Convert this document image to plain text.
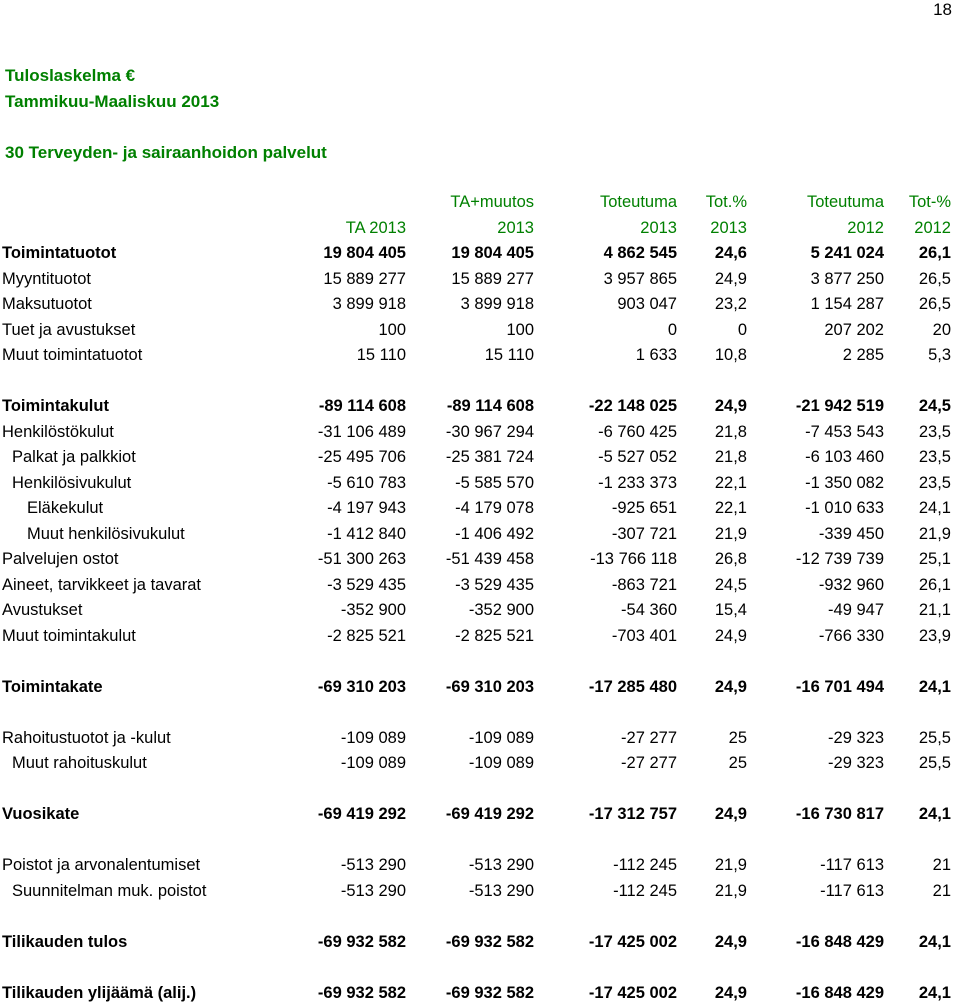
18
Tuloslaskelma €
Tammikuu-Maaliskuu 2013
30 Terveyden- ja sairaanhoidon palvelut
		TA+muutos	Toteutuma	Tot.%	Toteutuma	Tot-%
	TA 2013	2013	2013	2013	2012	2012
Toimintatuotot	19 804 405	19 804 405	4 862 545	24,6	5 241 024	26,1
Myyntituotot	15 889 277	15 889 277	3 957 865	24,9	3 877 250	26,5
Maksutuotot	3 899 918	3 899 918	903 047	23,2	1 154 287	26,5
Tuet ja avustukset	100	100	0	0	207 202	20
Muut toimintatuotot	15 110	15 110	1 633	10,8	2 285	5,3

Toimintakulut	-89 114 608	-89 114 608	-22 148 025	24,9	-21 942 519	24,5
Henkilöstökulut	-31 106 489	-30 967 294	-6 760 425	21,8	-7 453 543	23,5
Palkat ja palkkiot	-25 495 706	-25 381 724	-5 527 052	21,8	-6 103 460	23,5
Henkilösivukulut	-5 610 783	-5 585 570	-1 233 373	22,1	-1 350 082	23,5
Eläkekulut	-4 197 943	-4 179 078	-925 651	22,1	-1 010 633	24,1
Muut henkilösivukulut	-1 412 840	-1 406 492	-307 721	21,9	-339 450	21,9
Palvelujen ostot	-51 300 263	-51 439 458	-13 766 118	26,8	-12 739 739	25,1
Aineet, tarvikkeet ja tavarat	-3 529 435	-3 529 435	-863 721	24,5	-932 960	26,1
Avustukset	-352 900	-352 900	-54 360	15,4	-49 947	21,1
Muut toimintakulut	-2 825 521	-2 825 521	-703 401	24,9	-766 330	23,9

Toimintakate	-69 310 203	-69 310 203	-17 285 480	24,9	-16 701 494	24,1

Rahoitustuotot ja -kulut	-109 089	-109 089	-27 277	25	-29 323	25,5
Muut rahoituskulut	-109 089	-109 089	-27 277	25	-29 323	25,5

Vuosikate	-69 419 292	-69 419 292	-17 312 757	24,9	-16 730 817	24,1

Poistot ja arvonalentumiset	-513 290	-513 290	-112 245	21,9	-117 613	21
Suunnitelman muk. poistot	-513 290	-513 290	-112 245	21,9	-117 613	21

Tilikauden tulos	-69 932 582	-69 932 582	-17 425 002	24,9	-16 848 429	24,1

Tilikauden ylijäämä (alij.)	-69 932 582	-69 932 582	-17 425 002	24,9	-16 848 429	24,1
